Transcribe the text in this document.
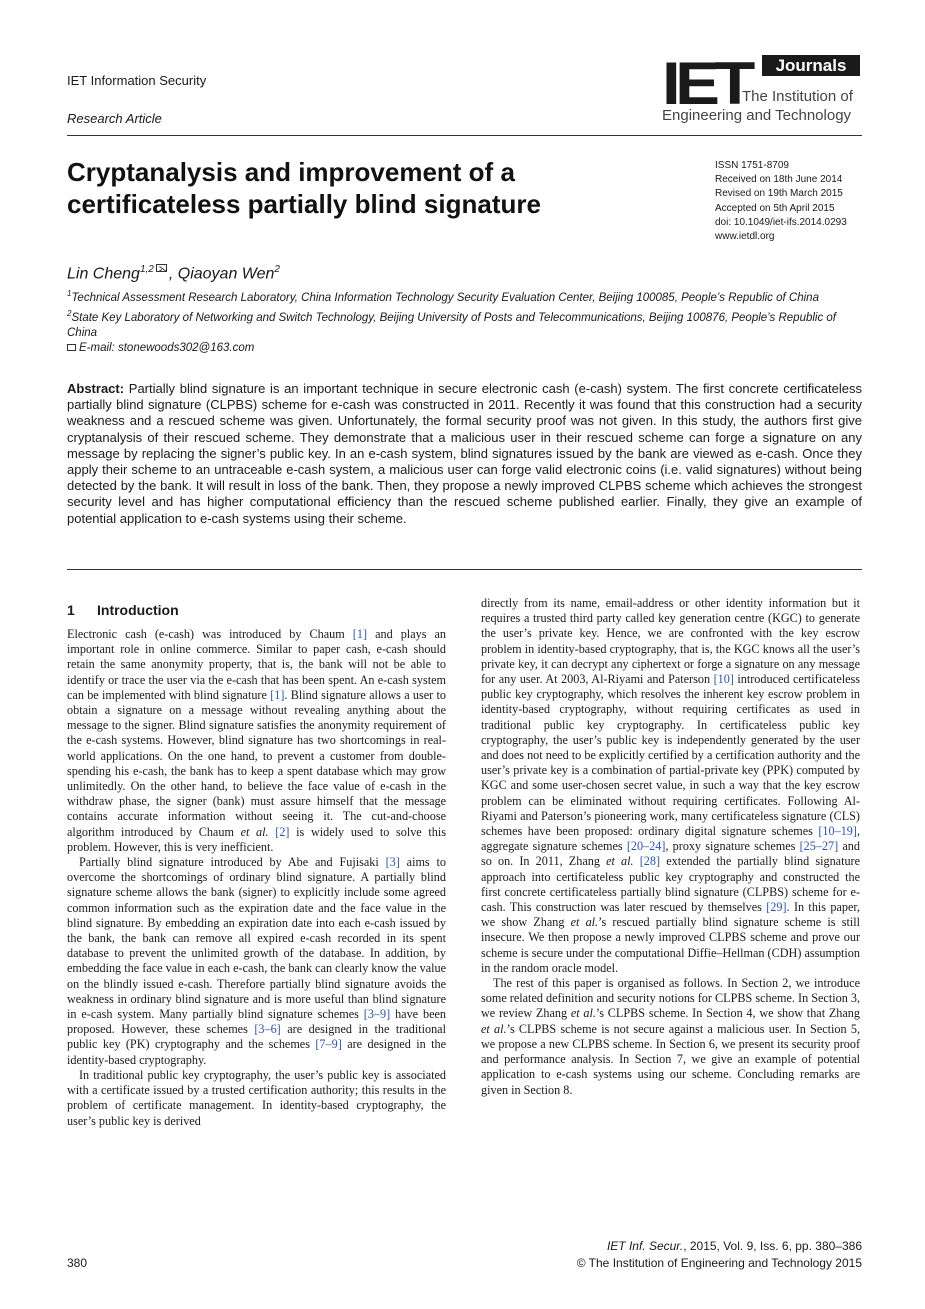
IET Information Security
Research Article
IET	Journals
The Institution of
Engineering and Technology
Cryptanalysis and improvement of a certificateless partially blind signature
ISSN 1751-8709
Received on 18th June 2014
Revised on 19th March 2015
Accepted on 5th April 2015
doi: 10.1049/iet-ifs.2014.0293
www.ietdl.org
Lin Cheng$^{1,2}$ , Qiaoyan Wen$^2$
$^1$Technical Assessment Research Laboratory, China Information Technology Security Evaluation Center, Beijing 100085, People’s Republic of China
$^2$State Key Laboratory of Networking and Switch Technology, Beijing University of Posts and Telecommunications, Beijing 100876, People’s Republic of China
E-mail: stonewoods302@163.com
Abstract: Partially blind signature is an important technique in secure electronic cash (e-cash) system. The first concrete certificateless partially blind signature (CLPBS) scheme for e-cash was constructed in 2011. Recently it was found that this construction had a security weakness and a rescued scheme was given. Unfortunately, the formal security proof was not given. In this study, the authors first give cryptanalysis of their rescued scheme. They demonstrate that a malicious user in their rescued scheme can forge a signature on any message by replacing the signer’s public key. In an e-cash system, blind signatures issued by the bank are viewed as e-cash. Once they apply their scheme to an untraceable e-cash system, a malicious user can forge valid electronic coins (i.e. valid signatures) without being detected by the bank. It will result in loss of the bank. Then, they propose a newly improved CLPBS scheme which achieves the strongest security level and has higher computational efficiency than the rescued scheme published earlier. Finally, they give an example of potential application to e-cash systems using their scheme.
1 Introduction

Electronic cash (e-cash) was introduced by Chaum [1] and plays an important role in online commerce. Similar to paper cash, e-cash should retain the same anonymity property, that is, the bank will not be able to identify or trace the user via the e-cash that has been spent. An e-cash system can be implemented with blind signature [1]. Blind signature allows a user to obtain a signature on a message without revealing anything about the message to the signer. Blind signature satisfies the anonymity requirement of the e-cash systems. However, blind signature has two shortcomings in real-world applications. On the one hand, to prevent a customer from double-spending his e-cash, the bank has to keep a spent database which may grow unlimitedly. On the other hand, to believe the face value of e-cash in the withdraw phase, the signer (bank) must assure himself that the message contains accurate information without seeing it. The cut-and-choose algorithm introduced by Chaum et al. [2] is widely used to solve this problem. However, this is very inefficient.

Partially blind signature introduced by Abe and Fujisaki [3] aims to overcome the shortcomings of ordinary blind signature. A partially blind signature scheme allows the bank (signer) to explicitly include some agreed common information such as the expiration date and the face value in the blind signature. By embedding an expiration date into each e-cash issued by the bank, the bank can remove all expired e-cash recorded in its spent database to prevent the unlimited growth of the database. In addition, by embedding the face value in each e-cash, the bank can clearly know the value on the blindly issued e-cash. Therefore partially blind signature avoids the weakness in ordinary blind signature and is more useful than blind signature in e-cash system. Many partially blind signature schemes [3–9] have been proposed. However, these schemes [3–6] are designed in the traditional public key (PK) cryptography and the schemes [7–9] are designed in the identity-based cryptography.

In traditional public key cryptography, the user’s public key is associated with a certificate issued by a trusted certification authority; this results in the problem of certificate management. In identity-based cryptography, the user’s public key is derived

directly from its name, email-address or other identity information but it requires a trusted third party called key generation centre (KGC) to generate the user’s private key. Hence, we are confronted with the key escrow problem in identity-based cryptography, that is, the KGC knows all the user’s private key, it can decrypt any ciphertext or forge a signature on any message for any user. At 2003, Al-Riyami and Paterson [10] introduced certificateless public key cryptography, which resolves the inherent key escrow problem in identity-based cryptography, without requiring certificates as used in traditional public key cryptography. In certificateless public key cryptography, the user’s public key is independently generated by the user and does not need to be explicitly certified by a certification authority and the user’s private key is a combination of partial-private key (PPK) computed by KGC and some user-chosen secret value, in such a way that the key escrow problem can be eliminated without requiring certificates. Following Al-Riyami and Paterson’s pioneering work, many certificateless signature (CLS) schemes have been proposed: ordinary digital signature schemes [10–19], aggregate signature schemes [20–24], proxy signature schemes [25–27] and so on. In 2011, Zhang et al. [28] extended the partially blind signature approach into certificateless public key cryptography and constructed the first concrete certificateless partially blind signature (CLPBS) scheme for e-cash. This construction was later rescued by themselves [29]. In this paper, we show Zhang et al.’s rescued partially blind signature scheme is still insecure. We then propose a newly improved CLPBS scheme and prove our scheme is secure under the computational Diffie–Hellman (CDH) assumption in the random oracle model.

The rest of this paper is organised as follows. In Section 2, we introduce some related definition and security notions for CLPBS scheme. In Section 3, we review Zhang et al.’s CLPBS scheme. In Section 4, we show that Zhang et al.’s CLPBS scheme is not secure against a malicious user. In Section 5, we propose a new CLPBS scheme. In Section 6, we present its security proof and performance analysis. In Section 7, we give an example of potential application to e-cash systems using our scheme. Concluding remarks are given in Section 8.

IET Inf. Secur., 2015, Vol. 9, Iss. 6, pp. 380–386
380	© The Institution of Engineering and Technology 2015
